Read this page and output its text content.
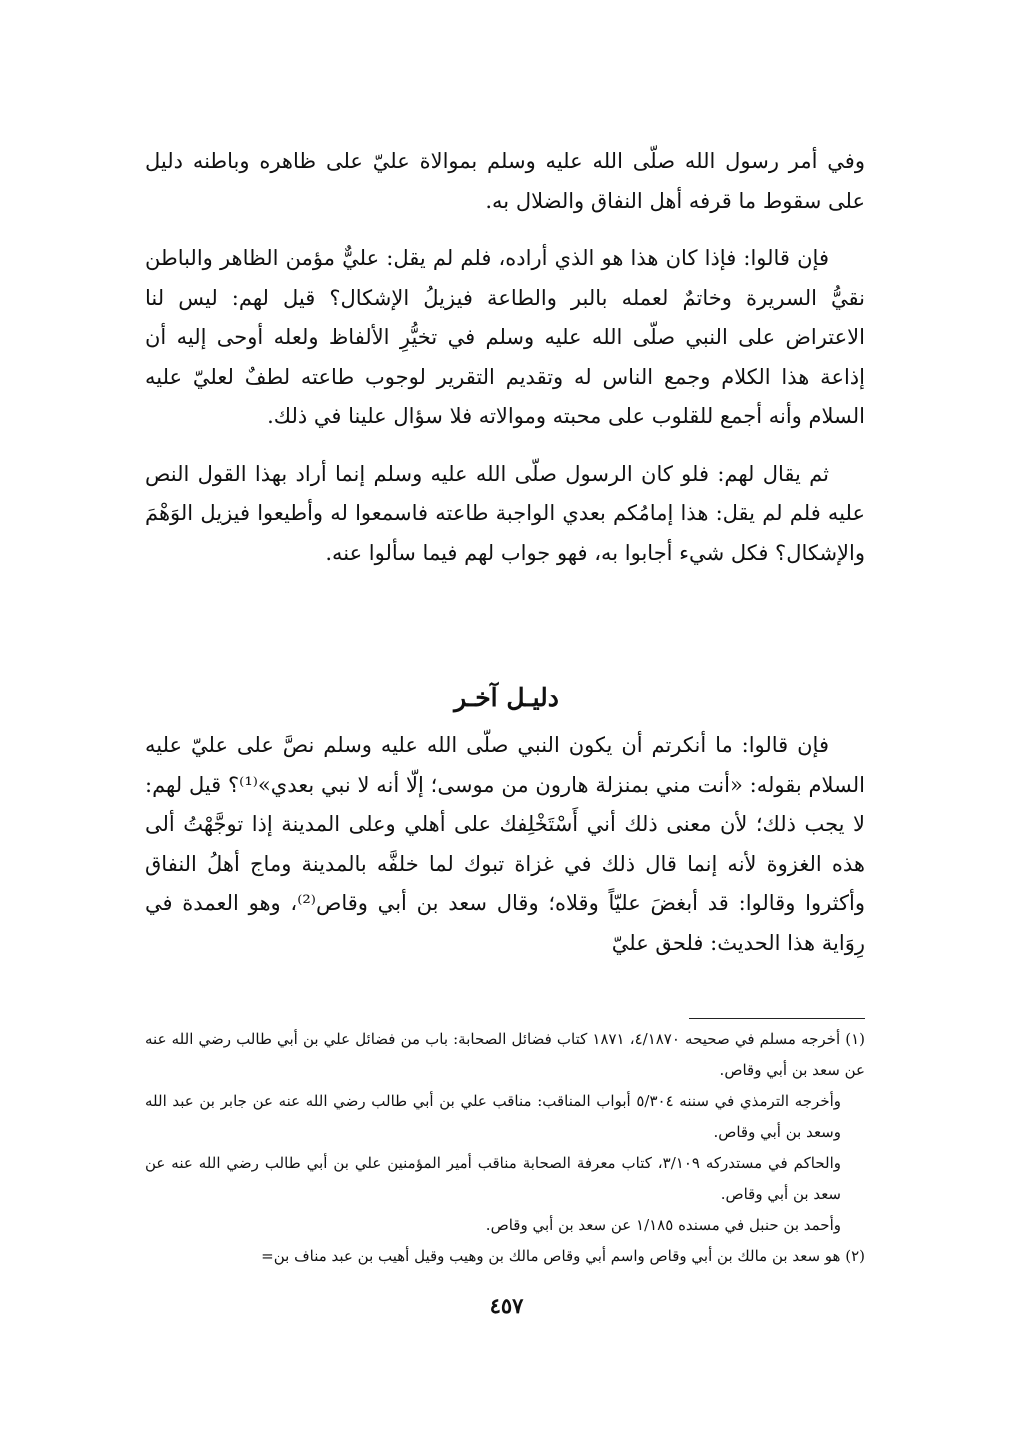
وفي أمر رسول الله صلّى الله عليه وسلم بموالاة عليّ على ظاهره وباطنه دليل على سقوط ما قرفه أهل النفاق والضلال به.

فإن قالوا: فإذا كان هذا هو الذي أراده، فلم لم يقل: عليٌّ مؤمن الظاهر والباطن نقيُّ السريرة وخاتمٌ لعمله بالبر والطاعة فيزيلُ الإشكال؟ قيل لهم: ليس لنا الاعتراض على النبي صلّى الله عليه وسلم في تخيُّرِ الألفاظ ولعله أوحى إليه أن إذاعة هذا الكلام وجمع الناس له وتقديم التقرير لوجوب طاعته لطفٌ لعليّ عليه السلام وأنه أجمع للقلوب على محبته وموالاته فلا سؤال علينا في ذلك.

ثم يقال لهم: فلو كان الرسول صلّى الله عليه وسلم إنما أراد بهذا القول النص عليه فلم لم يقل: هذا إمامُكم بعدي الواجبة طاعته فاسمعوا له وأطيعوا فيزيل الوَهْمَ والإشكال؟ فكل شيء أجابوا به، فهو جواب لهم فيما سألوا عنه.

دليـل آخـر

فإن قالوا: ما أنكرتم أن يكون النبي صلّى الله عليه وسلم نصَّ على عليّ عليه السلام بقوله: «أنت مني بمنزلة هارون من موسى؛ إلّا أنه لا نبي بعدي»⁽¹⁾؟ قيل لهم: لا يجب ذلك؛ لأن معنى ذلك أني أَسْتَخْلِفك على أهلي وعلى المدينة إذا توجَّهْتُ ألى هذه الغزوة لأنه إنما قال ذلك في غزاة تبوك لما خلفَّه بالمدينة وماج أهلُ النفاق وأكثروا وقالوا: قد أبغضَ عليّاً وقلاه؛ وقال سعد بن أبي وقاص⁽²⁾، وهو العمدة في رِوَاية هذا الحديث: فلحق عليّ

(١) أخرجه مسلم في صحيحه ٤/١٨٧٠، ١٨٧١ كتاب فضائل الصحابة: باب من فضائل علي بن أبي طالب رضي الله عنه عن سعد بن أبي وقاص.

وأخرجه الترمذي في سننه ٥/٣٠٤ أبواب المناقب: مناقب علي بن أبي طالب رضي الله عنه عن جابر بن عبد الله وسعد بن أبي وقاص.

والحاكم في مستدركه ٣/١٠٩، كتاب معرفة الصحابة مناقب أمير المؤمنين علي بن أبي طالب رضي الله عنه عن سعد بن أبي وقاص.

وأحمد بن حنبل في مسنده ١/١٨٥ عن سعد بن أبي وقاص.

(٢) هو سعد بن مالك بن أبي وقاص واسم أبي وقاص مالك بن وهيب وقيل أهيب بن عبد مناف بن=

٤٥٧
